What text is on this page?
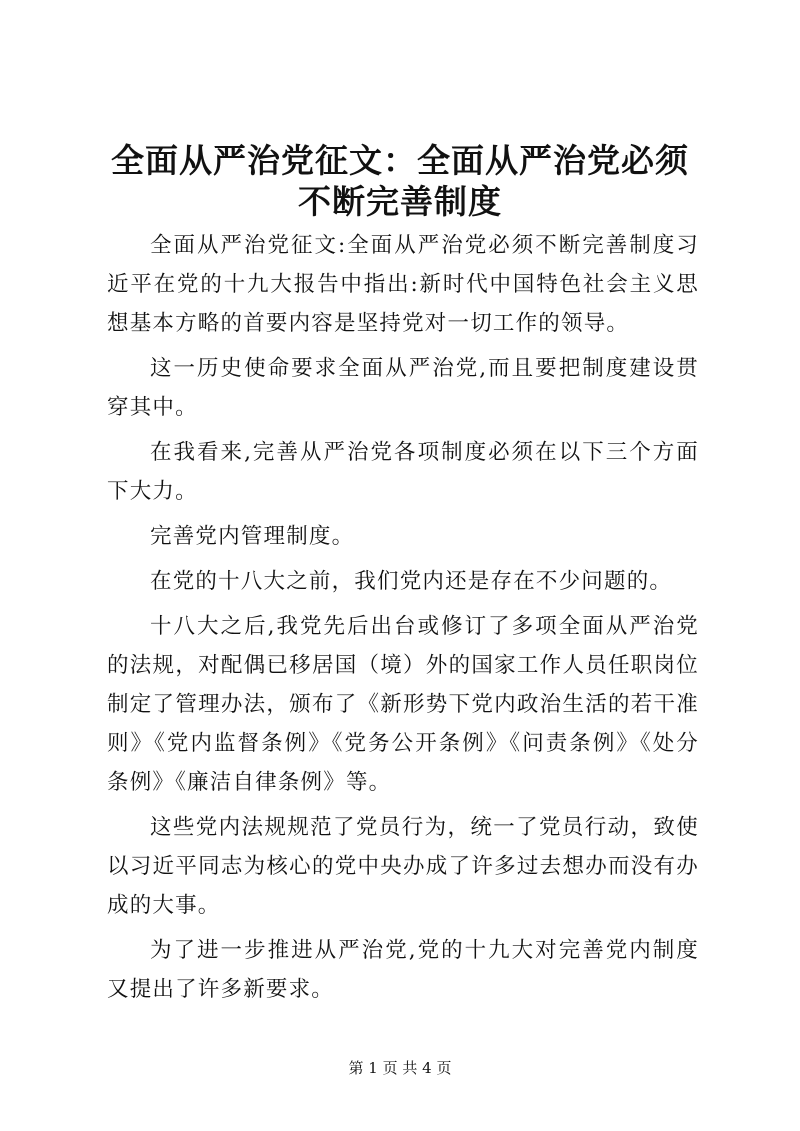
全面从严治党征文：全面从严治党必须不断完善制度

全面从严治党征文:全面从严治党必须不断完善制度习近平在党的十九大报告中指出:新时代中国特色社会主义思想基本方略的首要内容是坚持党对一切工作的领导。

这一历史使命要求全面从严治党,而且要把制度建设贯穿其中。

在我看来,完善从严治党各项制度必须在以下三个方面下大力。

完善党内管理制度。

在党的十八大之前，我们党内还是存在不少问题的。

十八大之后,我党先后出台或修订了多项全面从严治党的法规，对配偶已移居国（境）外的国家工作人员任职岗位制定了管理办法，颁布了《新形势下党内政治生活的若干准则》《党内监督条例》《党务公开条例》《问责条例》《处分条例》《廉洁自律条例》等。

这些党内法规规范了党员行为，统一了党员行动，致使以习近平同志为核心的党中央办成了许多过去想办而没有办成的大事。

为了进一步推进从严治党,党的十九大对完善党内制度又提出了许多新要求。

第 1 页 共 4 页
